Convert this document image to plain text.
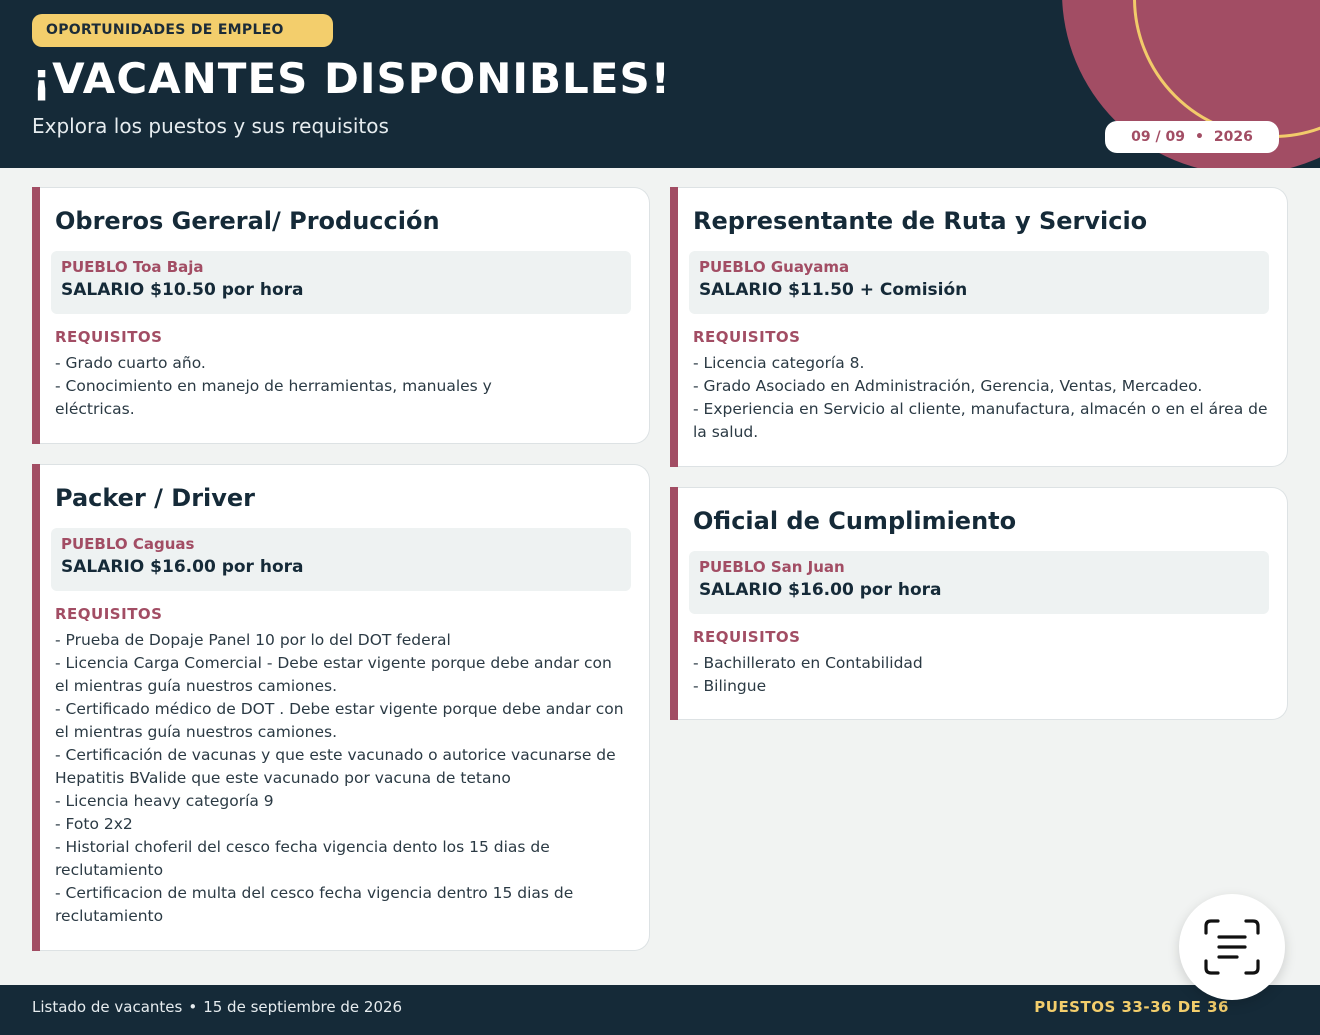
OPORTUNIDADES DE EMPLEO
¡VACANTES DISPONIBLES!
Explora los puestos y sus requisitos	09 / 09 • 2026
Obreros Gereral/ Producción
PUEBLO Toa Baja
SALARIO $10.50 por hora
REQUISITOS
- Grado cuarto año.
- Conocimiento en manejo de herramientas, manuales y eléctricas.
Packer / Driver
PUEBLO Caguas
SALARIO $16.00 por hora
REQUISITOS
- Prueba de Dopaje Panel 10 por lo del DOT federal
- Licencia Carga Comercial - Debe estar vigente porque debe andar con el mientras guía nuestros camiones.
- Certificado médico de DOT . Debe estar vigente porque debe andar con el mientras guía nuestros camiones.
- Certificación de vacunas y que este vacunado o autorice vacunarse de Hepatitis BValide que este vacunado por vacuna de tetano
- Licencia heavy categoría 9
- Foto 2x2
- Historial choferil del cesco fecha vigencia dento los 15 dias de reclutamiento
- Certificacion de multa del cesco fecha vigencia dentro 15 dias de reclutamiento
Representante de Ruta y Servicio
PUEBLO Guayama
SALARIO $11.50 + Comisión
REQUISITOS
- Licencia categoría 8.
- Grado Asociado en Administración, Gerencia, Ventas, Mercadeo.
- Experiencia en Servicio al cliente, manufactura, almacén o en el área de la salud.
Oficial de Cumplimiento
PUEBLO San Juan
SALARIO $16.00 por hora
REQUISITOS
- Bachillerato en Contabilidad
- Bilingue
Listado de vacantes • 15 de septiembre de 2026	PUESTOS 33-36 DE 36
